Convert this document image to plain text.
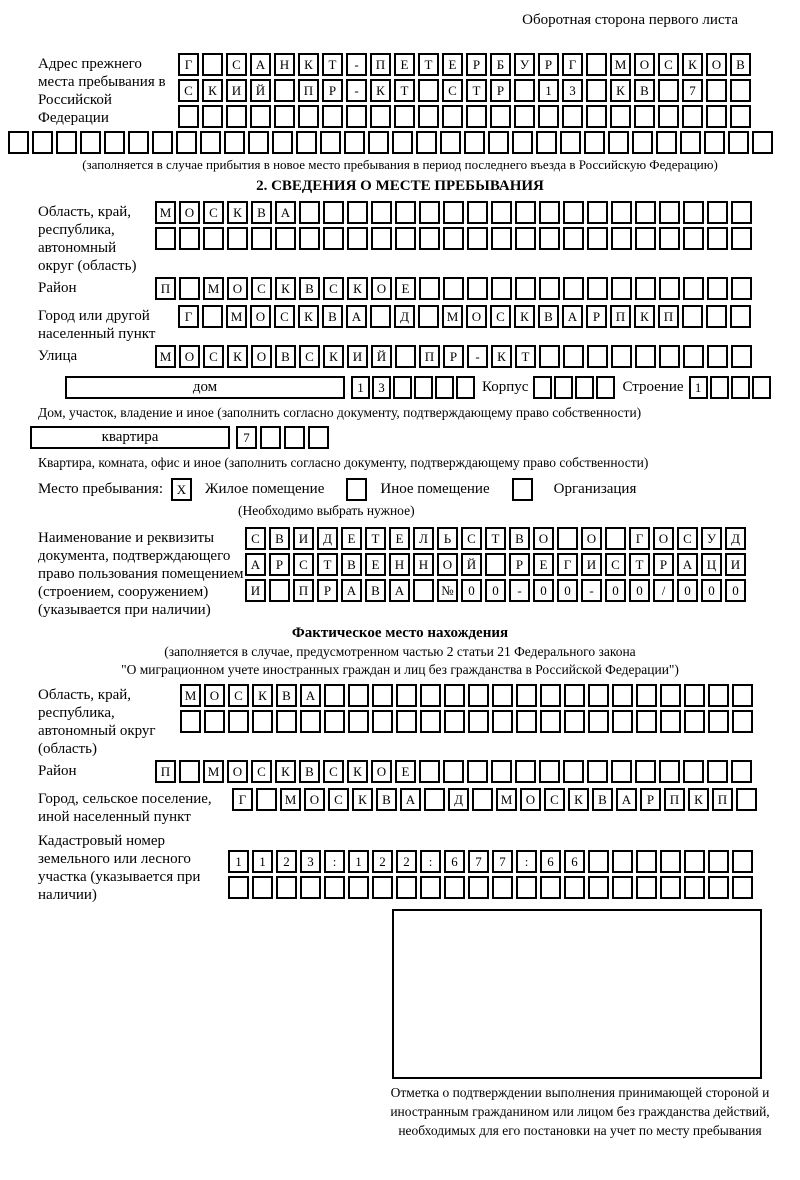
Оборотная сторона первого листа
Адрес прежнего места пребывания в Российской Федерации
Г	С А Н К Т - П Е Т Е Р Б У Р Г	М О С К О В
С К И Й	П Р - К Т	С Т Р	1 3	К В	7
(заполняется в случае прибытия в новое место пребывания в период последнего въезда в Российскую Федерацию)
2. СВЕДЕНИЯ О МЕСТЕ ПРЕБЫВАНИЯ
Область, край, республика, автономный округ (область)
М О С К В А
Район	П	М О С К В С К О Е
Город или другой населенный пункт
Г	М О С К В А	Д	М О С К В А Р П К П
Улица	М О С К О В С К И Й	П Р - К Т
дом	1 3	Корпус	Строение 1
Дом, участок, владение и иное (заполнить согласно документу, подтверждающему право собственности)
квартира	7
Квартира, комната, офис и иное (заполнить согласно документу, подтверждающему право собственности)
Место пребывания:	X	Жилое помещение	Иное помещение	Организация
(Необходимо выбрать нужное)
Наименование и реквизиты документа, подтверждающего право пользования помещением (строением, сооружением) (указывается при наличии)
С В И Д Е Т Е Л Ь С Т В О	О	Г О С У Д
А Р С Т В Е Н Н О Й	Р Е Г И С Т Р А Ц И
И	П Р А В А	№ 0 0 - 0 0 - 0 0 / 0 0 0
Фактическое место нахождения
(заполняется в случае, предусмотренном частью 2 статьи 21 Федерального закона
"О миграционном учете иностранных граждан и лиц без гражданства в Российской Федерации")
Область, край, республика, автономный округ (область)
М О С К В А
Район	П	М О С К В С К О Е
Город, сельское поселение, иной населенный пункт
Г	М О С К В А	Д	М О С К В А Р П К П
Кадастровый номер земельного или лесного участка (указывается при наличии)
1 1 2 3 : 1 2 2 : 6 7 7 : 6 6
Отметка о подтверждении выполнения принимающей стороной и иностранным гражданином или лицом без гражданства действий, необходимых для его постановки на учет по месту пребывания
